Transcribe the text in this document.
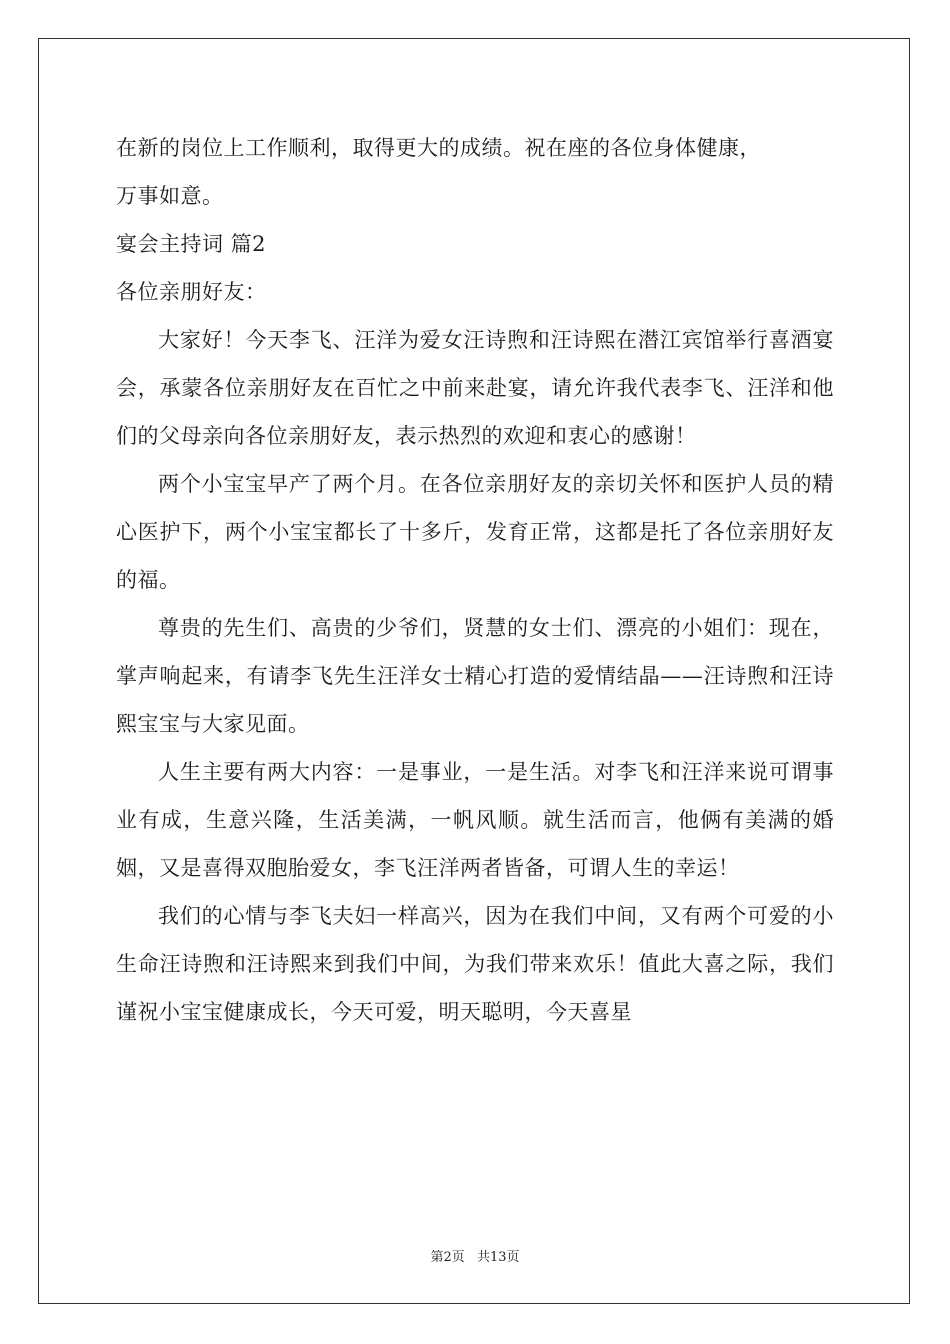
在新的岗位上工作顺利，取得更大的成绩。祝在座的各位身体健康，
万事如意。
宴会主持词 篇2
各位亲朋好友：

大家好！今天李飞、汪洋为爱女汪诗煦和汪诗熙在潜江宾馆举行喜酒宴会，承蒙各位亲朋好友在百忙之中前来赴宴，请允许我代表李飞、汪洋和他们的父母亲向各位亲朋好友，表示热烈的欢迎和衷心的感谢！

两个小宝宝早产了两个月。在各位亲朋好友的亲切关怀和医护人员的精心医护下，两个小宝宝都长了十多斤，发育正常，这都是托了各位亲朋好友的福。

尊贵的先生们、高贵的少爷们，贤慧的女士们、漂亮的小姐们：现在，掌声响起来，有请李飞先生汪洋女士精心打造的爱情结晶——汪诗煦和汪诗熙宝宝与大家见面。

人生主要有两大内容：一是事业，一是生活。对李飞和汪洋来说可谓事业有成，生意兴隆，生活美满，一帆风顺。就生活而言，他俩有美满的婚姻，又是喜得双胞胎爱女，李飞汪洋两者皆备，可谓人生的幸运！

我们的心情与李飞夫妇一样高兴，因为在我们中间，又有两个可爱的小生命汪诗煦和汪诗熙来到我们中间，为我们带来欢乐！值此大喜之际，我们谨祝小宝宝健康成长，今天可爱，明天聪明，今天喜星

第2页 共13页
